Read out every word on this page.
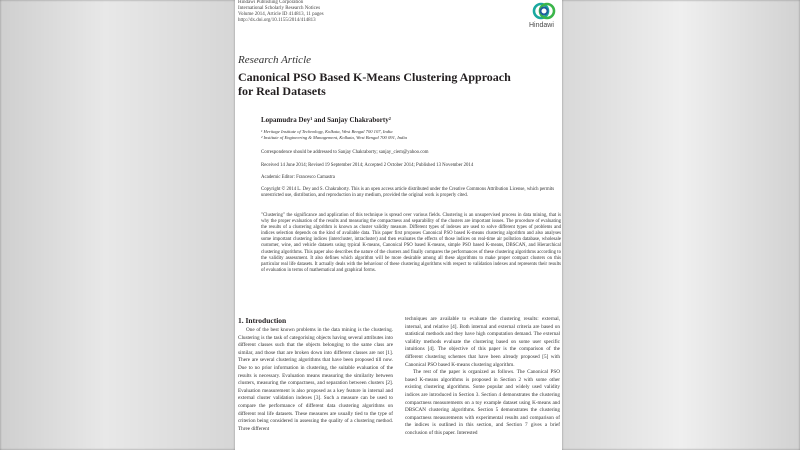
Hindawi Publishing Corporation
International Scholarly Research Notices
Volume 2014, Article ID 414813, 11 pages
http://dx.doi.org/10.1155/2014/414813
Hindawi
Research Article
Canonical PSO Based K-Means Clustering Approach
for Real Datasets
Lopamudra Dey¹ and Sanjay Chakraborty²
¹ Heritage Institute of Technology, Kolkata, West Bengal 700 107, India
² Institute of Engineering & Management, Kolkata, West Bengal 700 091, India
Correspondence should be addressed to Sanjay Chakraborty; sanjay_ciem@yahoo.com
Received 14 June 2014; Revised 19 September 2014; Accepted 2 October 2014; Published 13 November 2014
Academic Editor: Francesco Camastra
Copyright © 2014 L. Dey and S. Chakraborty. This is an open access article distributed under the Creative Commons Attribution License, which permits unrestricted use, distribution, and reproduction in any medium, provided the original work is properly cited.
"Clustering" the significance and application of this technique is spread over various fields. Clustering is an unsupervised process in data mining, that is why the proper evaluation of the results and measuring the compactness and separability of the clusters are important issues. The procedure of evaluating the results of a clustering algorithm is known as cluster validity measure. Different types of indexes are used to solve different types of problems and indices selection depends on the kind of available data. This paper first proposes Canonical PSO based K-means clustering algorithm and also analyses some important clustering indices (intercluster, intracluster) and then evaluates the effects of those indices on real-time air pollution database, wholesale customer, wine, and vehicle datasets using typical K-means, Canonical PSO based K-means, simple PSO based K-means, DBSCAN, and Hierarchical clustering algorithms. This paper also describes the nature of the clusters and finally compares the performances of these clustering algorithms according to the validity assessment. It also defines which algorithm will be more desirable among all these algorithms to make proper compact clusters on this particular real life datasets. It actually deals with the behaviour of these clustering algorithms with respect to validation indexes and represents their results of evaluation in terms of mathematical and graphical forms.
1. Introduction

One of the best known problems in the data mining is the clustering. Clustering is the task of categorising objects having several attributes into different classes such that the objects belonging to the same class are similar, and those that are broken down into different classes are not [1]. There are several clustering algorithms that have been proposed till now. Due to no prior information in clustering, the suitable evaluation of the results is necessary. Evaluation means measuring the similarity between clusters, measuring the compactness, and separation between clusters [2]. Evaluation measurement is also proposed as a key feature in internal and external cluster validation indexes [3]. Such a measure can be used to compare the performance of different data clustering algorithms on different real life datasets. These measures are usually tied to the type of criterion being considered in assessing the quality of a clustering method. Three different

techniques are available to evaluate the clustering results: external, internal, and relative [4]. Both internal and external criteria are based on statistical methods and they have high computation demand. The external validity methods evaluate the clustering based on some user specific intuitions [4]. The objective of this paper is the comparison of the different clustering schemes that have been already proposed [5] with Canonical PSO based K-means clustering algorithm.

The rest of the paper is organized as follows. The Canonical PSO based K-means algorithms is proposed in Section 2 with some other existing clustering algorithms. Some popular and widely used validity indices are introduced in Section 3. Section 4 demonstrates the clustering compactness measurements on a toy example dataset using K-means and DBSCAN clustering algorithms. Section 5 demonstrates the clustering compactness measurements with experimental results and comparison of the indices is outlined in this section, and Section 7 gives a brief conclusion of this paper. Interested
